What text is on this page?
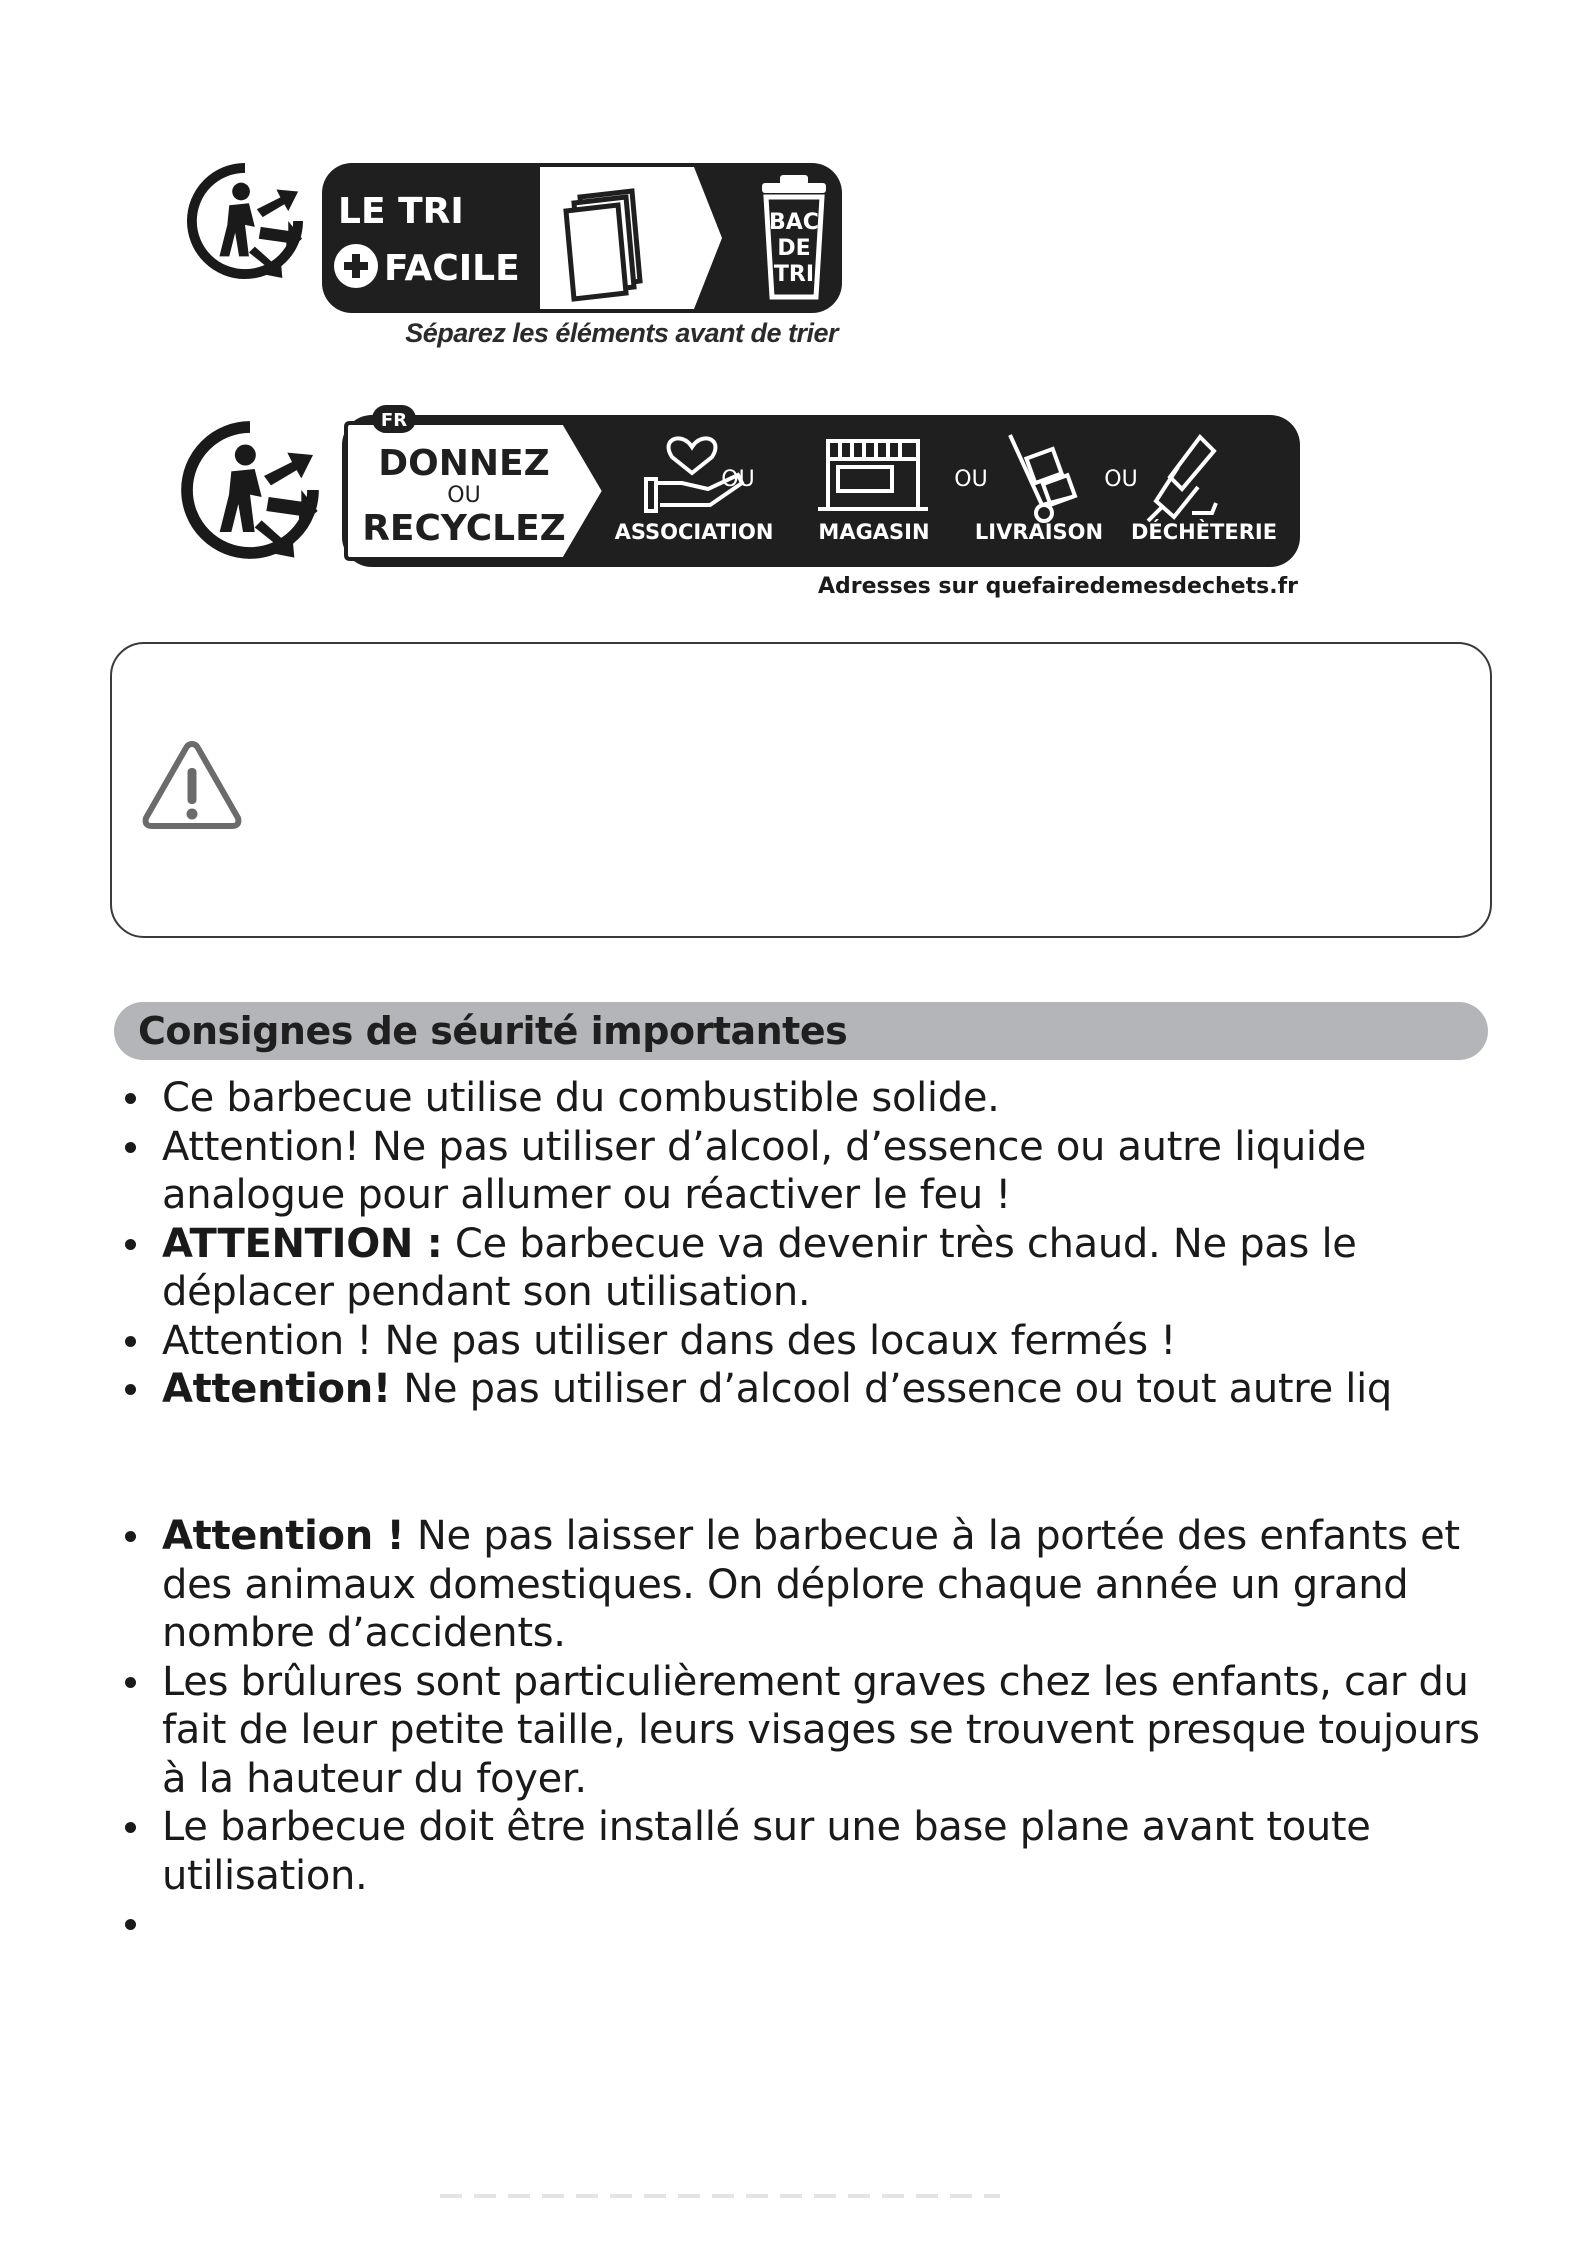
LE TRI
FACILE
BAC
DE
TRI
Séparez les éléments avant de trier
FR
DONNEZ
OU
RECYCLEZ
OU	OU	OU
ASSOCIATION MAGASIN LIVRAISON DÉCHÈTERIE
Adresses sur quefairedemesdechets.fr
Consignes de séurité importantes
Ce barbecue utilise du combustible solide.
Attention! Ne pas utiliser d’alcool, d’essence ou autre liquide analogue pour allumer ou réactiver le feu !
ATTENTION : Ce barbecue va devenir très chaud. Ne pas le déplacer pendant son utilisation.
Attention ! Ne pas utiliser dans des locaux fermés !
Attention! Ne pas utiliser d’alcool d’essence ou tout autre liq
Attention ! Ne pas laisser le barbecue à la portée des enfants et des animaux domestiques. On déplore chaque année un grand nombre d’accidents.
Les brûlures sont particulièrement graves chez les enfants, car du fait de leur petite taille, leurs visages se trouvent presque toujours à la hauteur du foyer.
Le barbecue doit être installé sur une base plane avant toute utilisation.
